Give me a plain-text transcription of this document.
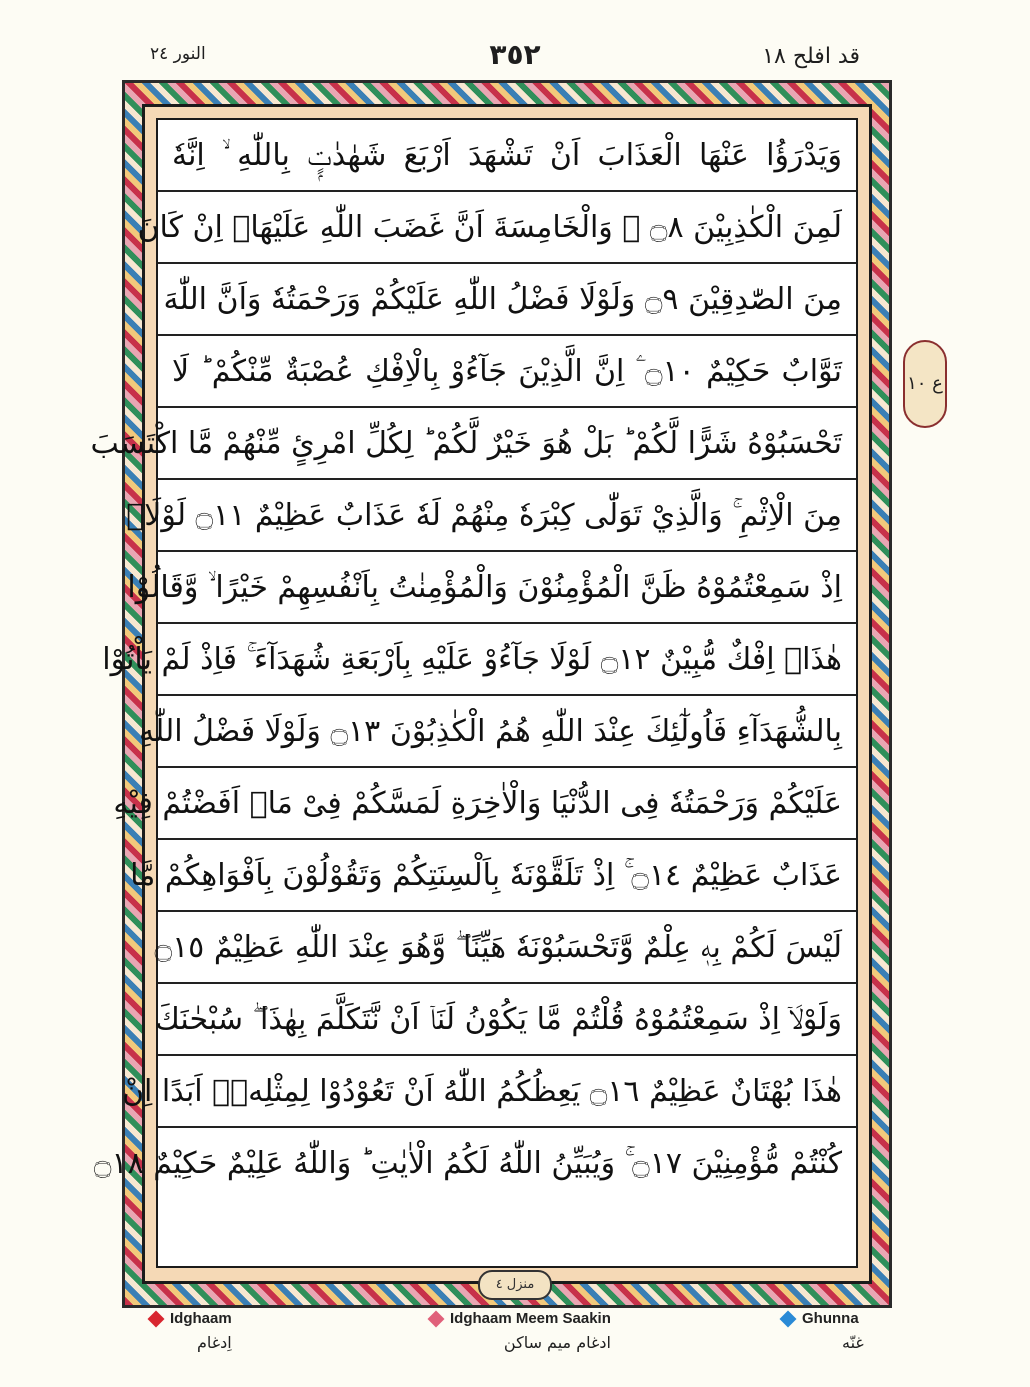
النور ٢٤	٣٥٢	قد افلح ١٨
وَيَدْرَؤُا عَنْهَا الْعَذَابَ اَنْ تَشْهَدَ اَرْبَعَ شَهٰدٰتٍۭ بِاللّٰهِ ۙ اِنَّهٗ
لَمِنَ الْكٰذِبِيْنَ ۝٨ ۙ وَالْخَامِسَةَ اَنَّ غَضَبَ اللّٰهِ عَلَيْهَاۤ اِنْ كَانَ
مِنَ الصّٰدِقِيْنَ ۝٩ وَلَوْلَا فَضْلُ اللّٰهِ عَلَيْكُمْ وَرَحْمَتُهٗ وَاَنَّ اللّٰهَ
تَوَّابٌ حَكِيْمٌ ۝١٠ ۧ اِنَّ الَّذِيْنَ جَآءُوْ بِالْاِفْكِ عُصْبَةٌ مِّنْكُمْ ؕ لَا
تَحْسَبُوْهُ شَرًّا لَّكُمْ ؕ بَلْ هُوَ خَيْرٌ لَّكُمْ ؕ لِكُلِّ امْرِئٍ مِّنْهُمْ مَّا اكْتَسَبَ
مِنَ الْاِثْمِ ۚ وَالَّذِيْ تَوَلّٰى كِبْرَهٗ مِنْهُمْ لَهٗ عَذَابٌ عَظِيْمٌ ۝١١ لَوْلَاۤ
اِذْ سَمِعْتُمُوْهُ ظَنَّ الْمُؤْمِنُوْنَ وَالْمُؤْمِنٰتُ بِاَنْفُسِهِمْ خَيْرًا ۙ وَّقَالُوْا
هٰذَاۤ اِفْكٌ مُّبِيْنٌ ۝١٢ لَوْلَا جَآءُوْ عَلَيْهِ بِاَرْبَعَةِ شُهَدَآءَ ۚ فَاِذْ لَمْ يَاْتُوْا
بِالشُّهَدَآءِ فَاُولٰٓئِكَ عِنْدَ اللّٰهِ هُمُ الْكٰذِبُوْنَ ۝١٣ وَلَوْلَا فَضْلُ اللّٰهِ
عَلَيْكُمْ وَرَحْمَتُهٗ فِى الدُّنْيَا وَالْاٰخِرَةِ لَمَسَّكُمْ فِىْ مَاۤ اَفَضْتُمْ فِيْهِ
عَذَابٌ عَظِيْمٌ ۝١٤ ۚ اِذْ تَلَقَّوْنَهٗ بِاَلْسِنَتِكُمْ وَتَقُوْلُوْنَ بِاَفْوَاهِكُمْ مَّا
لَيْسَ لَكُمْ بِهٖ عِلْمٌ وَّتَحْسَبُوْنَهٗ هَيِّنًا ۖ وَّهُوَ عِنْدَ اللّٰهِ عَظِيْمٌ ۝١٥
وَلَوْلَاۤ اِذْ سَمِعْتُمُوْهُ قُلْتُمْ مَّا يَكُوْنُ لَنَاۤ اَنْ نَّتَكَلَّمَ بِهٰذَا ۖ سُبْحٰنَكَ
هٰذَا بُهْتَانٌ عَظِيْمٌ ۝١٦ يَعِظُكُمُ اللّٰهُ اَنْ تَعُوْدُوْا لِمِثْلِهٖۤ اَبَدًا اِنْ
كُنْتُمْ مُّؤْمِنِيْنَ ۝١٧ ۚ وَيُبَيِّنُ اللّٰهُ لَكُمُ الْاٰيٰتِ ؕ وَاللّٰهُ عَلِيْمٌ حَكِيْمٌ ۝١٨
منزل ٤
ع ١٠
Idghaam
اِدغام
Idghaam Meem Saakin
ادغام میم ساکن
Ghunna
غنّه
